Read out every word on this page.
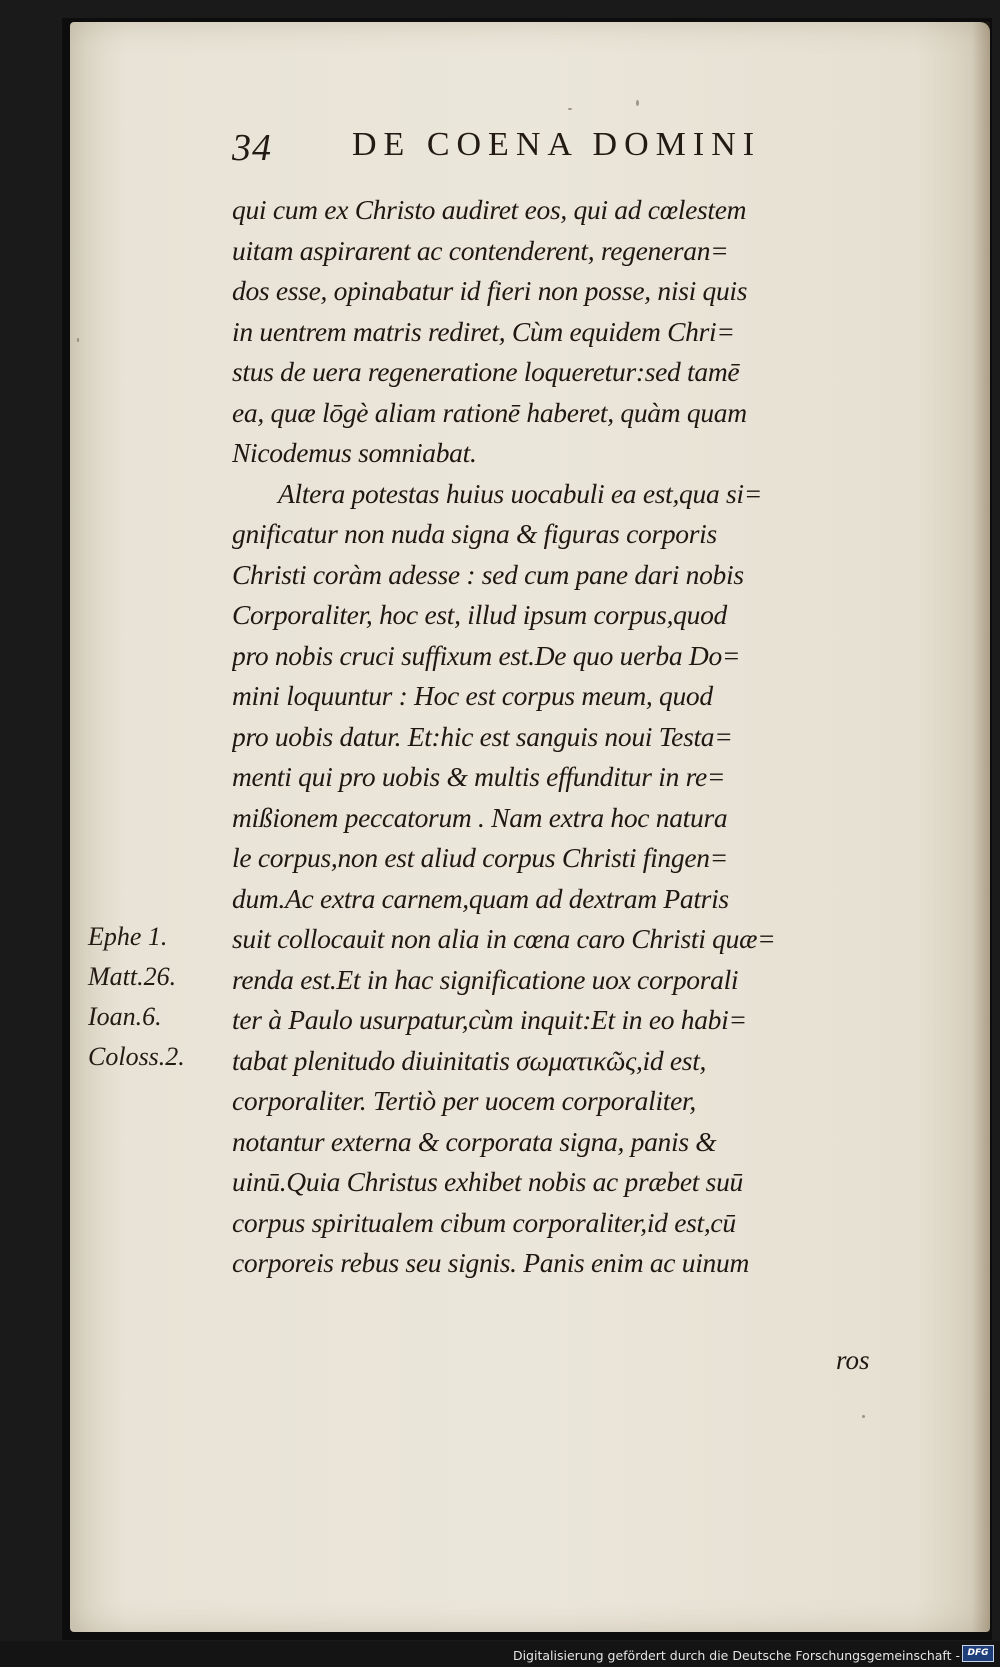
34 DE COENA DOMINI
qui cum ex Christo audiret eos, qui ad cœlestem
uitam aspirarent ac contenderent, regeneran=
dos esse, opinabatur id fieri non posse, nisi quis
in uentrem matris rediret, Cùm equidem Chri=
stus de uera regeneratione loqueretur:sed tamē
ea, quæ lōgè aliam rationē haberet, quàm quam
Nicodemus somniabat.
Altera potestas huius uocabuli ea est,qua si=
gnificatur non nuda signa & figuras corporis
Christi coràm adesse : sed cum pane dari nobis
Corporaliter, hoc est, illud ipsum corpus,quod
pro nobis cruci suffixum est.De quo uerba Do=
mini loquuntur : Hoc est corpus meum, quod
pro uobis datur. Et:hic est sanguis noui Testa=
menti qui pro uobis & multis effunditur in re=
mißionem peccatorum . Nam extra hoc natura
le corpus,non est aliud corpus Christi fingen=
dum.Ac extra carnem,quam ad dextram Patris
suit collocauit non alia in cœna caro Christi quæ=
renda est.Et in hac significatione uox corporali
ter à Paulo usurpatur,cùm inquit:Et in eo habi=
tabat plenitudo diuinitatis σωματικῶς,id est,
corporaliter. Tertiò per uocem corporaliter,
notantur externa & corporata signa, panis &
uinū.Quia Christus exhibet nobis ac præbet suū
corpus spiritualem cibum corporaliter,id est,cū
corporeis rebus seu signis. Panis enim ac uinum
ros
Ephe 1.
Matt.26.
Ioan.6.
Coloss.2.
Digitalisierung gefördert durch die Deutsche Forschungsgemeinschaft - DFG
